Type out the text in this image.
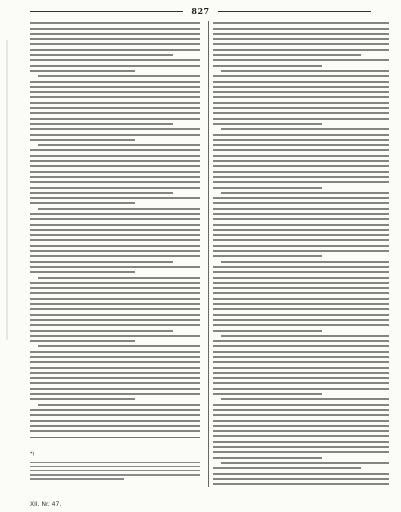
827
*)
XII. Nr. 47.
